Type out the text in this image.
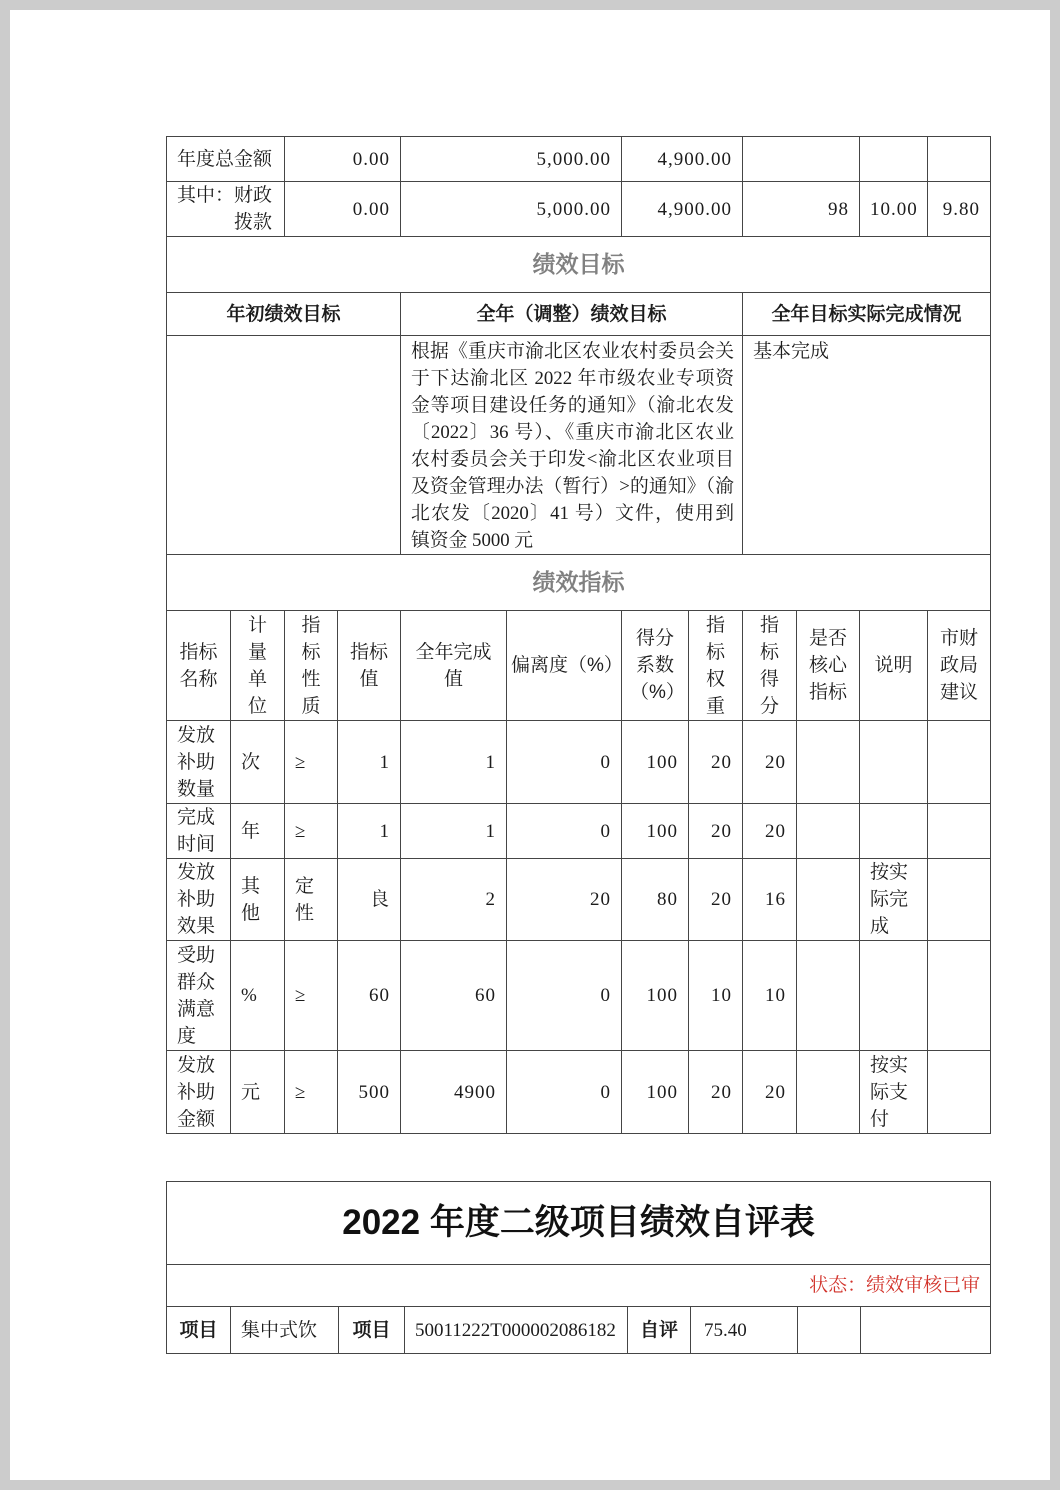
年度总金额		0.00		5,000.00		4,900.00					
其中：财政拨款		0.00		5,000.00		4,900.00		98		10.00	9.80
绩效目标											
年初绩效目标				全年（调整）绩效目标				全年目标实际完成情况			
				根据《重庆市渝北区农业农村委员会关于下达渝北区 2022 年市级农业专项资金等项目建设任务的通知》（渝北农发〔2022〕36 号）、《重庆市渝北区农业农村委员会关于印发<渝北区农业项目及资金管理办法（暂行）>的通知》（渝北农发〔2020〕41 号）文件，使用到镇资金 5000 元				基本完成			
绩效指标											
指标名称	计量单位	指标性质	指标值	全年完成值	偏离度（%）	得分系数（%）	指标权重	指标得分	是否核心指标	说明	市财政局建议
发放补助数量	次	≥	1	1	0	100	20	20			
完成时间	年	≥	1	1	0	100	20	20			
发放补助效果	其他	定性	良	2	20	80	20	16		按实际完成	
受助群众满意度	%	≥	60	60	0	100	10	10			
发放补助金额	元	≥	500	4900	0	100	20	20		按实际支付	
2022 年度二级项目绩效自评表
状态：绩效审核已审
项目	集中式饮	项目	50011222T000002086182	自评	75.40		
